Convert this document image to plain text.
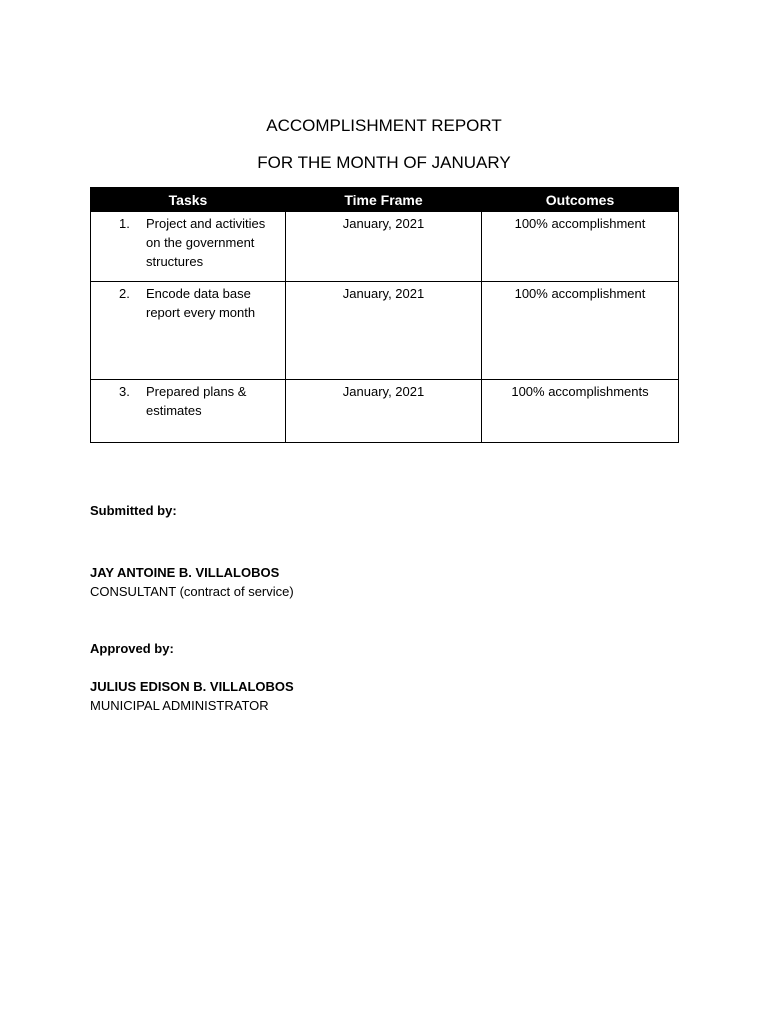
ACCOMPLISHMENT REPORT
FOR THE MONTH OF JANUARY
Tasks	Time Frame	Outcomes

1. Project and activities on the government structures	January, 2021	100% accomplishment

2. Encode data base report every month	January, 2021	100% accomplishment

3. Prepared plans & estimates	January, 2021	100% accomplishments

Submitted by:

JAY ANTOINE B. VILLALOBOS

CONSULTANT (contract of service)

Approved by:

JULIUS EDISON B. VILLALOBOS

MUNICIPAL ADMINISTRATOR
